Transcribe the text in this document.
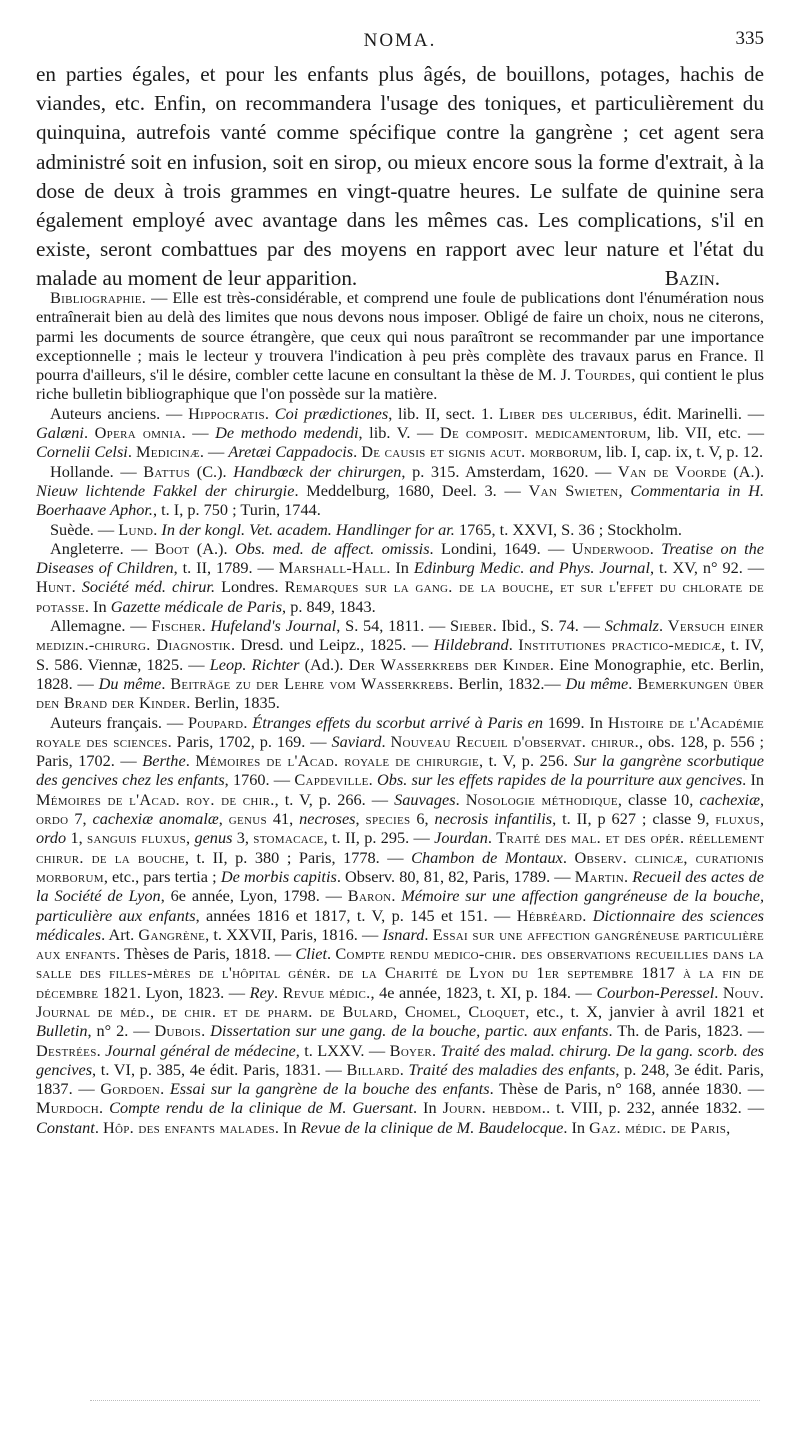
NOMA.	335

en parties égales, et pour les enfants plus âgés, de bouillons, potages, hachis de viandes, etc. Enfin, on recommandera l'usage des toniques, et particulièrement du quinquina, autrefois vanté comme spécifique contre la gangrène ; cet agent sera administré soit en infusion, soit en sirop, ou mieux encore sous la forme d'extrait, à la dose de deux à trois grammes en vingt-quatre heures. Le sulfate de quinine sera également employé avec avantage dans les mêmes cas. Les complications, s'il en existe, seront combattues par des moyens en rapport avec leur nature et l'état du malade au moment de leur apparition.	Bazin.

Bibliographie. — Elle est très-considérable, et comprend une foule de publications dont l'énumération nous entraînerait bien au delà des limites que nous devons nous imposer. Obligé de faire un choix, nous ne citerons, parmi les documents de source étrangère, que ceux qui nous paraîtront se recommander par une importance exceptionnelle ; mais le lecteur y trouvera l'indication à peu près complète des travaux parus en France. Il pourra d'ailleurs, s'il le désire, combler cette lacune en consultant la thèse de M. J. Tourdes, qui contient le plus riche bulletin bibliographique que l'on possède sur la matière.

Auteurs anciens. — Hippocratis. Coi prædictiones, lib. II, sect. 1. Liber des ulceribus, édit. Marinelli. — Galæni. Opera omnia. — De methodo medendi, lib. V. — De composit. medicamentorum, lib. VII, etc. — Cornelii Celsi. Medicinæ. — Aretæi Cappadocis. De causis et signis acut. morborum, lib. I, cap. ix, t. V, p. 12.

Hollande. — Battus (C.). Handbœck der chirurgen, p. 315. Amsterdam, 1620. — Van de Voorde (A.). Nieuw lichtende Fakkel der chirurgie. Meddelburg, 1680, Deel. 3. — Van Swieten, Commentaria in H. Boerhaave Aphor., t. I, p. 750 ; Turin, 1744.

Suède. — Lund. In der kongl. Vet. academ. Handlinger for ar. 1765, t. XXVI, S. 36 ; Stockholm.

Angleterre. — Boot (A.). Obs. med. de affect. omissis. Londini, 1649. — Underwood. Treatise on the Diseases of Children, t. II, 1789. — Marshall-Hall. In Edinburg Medic. and Phys. Journal, t. XV, n° 92. — Hunt. Société méd. chirur. Londres. Remarques sur la gang. de la bouche, et sur l'effet du chlorate de potasse. In Gazette médicale de Paris, p. 849, 1843.

Allemagne. — Fischer. Hufeland's Journal, S. 54, 1811. — Sieber. Ibid., S. 74. — Schmalz. Versuch einer medizin.-chirurg. Diagnostik. Dresd. und Leipz., 1825. — Hildebrand. Institutiones practico-medicæ, t. IV, S. 586. Viennæ, 1825. — Leop. Richter (Ad.). Der Wasserkrebs der Kinder. Eine Monographie, etc. Berlin, 1828. — Du même. Beiträge zu der Lehre vom Wasserkrebs. Berlin, 1832.— Du même. Bemerkungen über den Brand der Kinder. Berlin, 1835.

Auteurs français. — Poupard. Étranges effets du scorbut arrivé à Paris en 1699. In Histoire de l'Académie royale des sciences. Paris, 1702, p. 169. — Saviard. Nouveau Recueil d'observat. chirur., obs. 128, p. 556 ; Paris, 1702. — Berthe. Mémoires de l'Acad. royale de chirurgie, t. V, p. 256. Sur la gangrène scorbutique des gencives chez les enfants, 1760. — Capdeville. Obs. sur les effets rapides de la pourriture aux gencives. In Mémoires de l'Acad. roy. de chir., t. V, p. 266. — Sauvages. Nosologie méthodique, classe 10, cachexiæ, ordo 7, cachexiæ anomalæ, genus 41, necroses, species 6, necrosis infantilis, t. II, p 627 ; classe 9, fluxus, ordo 1, sanguis fluxus, genus 3, stomacace, t. II, p. 295. — Jourdan. Traité des mal. et des opér. réellement chirur. de la bouche, t. II, p. 380 ; Paris, 1778. — Chambon de Montaux. Observ. clinicæ, curationis morborum, etc., pars tertia ; De morbis capitis. Observ. 80, 81, 82, Paris, 1789. — Martin. Recueil des actes de la Société de Lyon, 6e année, Lyon, 1798. — Baron. Mémoire sur une affection gangréneuse de la bouche, particulière aux enfants, années 1816 et 1817, t. V, p. 145 et 151. — Hébréard. Dictionnaire des sciences médicales. Art. Gangrène, t. XXVII, Paris, 1816. — Isnard. Essai sur une affection gangréneuse particulière aux enfants. Thèses de Paris, 1818. — Cliet. Compte rendu medico-chir. des observations recueillies dans la salle des filles-mères de l'hôpital génér. de la Charité de Lyon du 1er septembre 1817 à la fin de décembre 1821. Lyon, 1823. — Rey. Revue médic., 4e année, 1823, t. XI, p. 184. — Courbon-Peressel. Nouv. Journal de méd., de chir. et de pharm. de Bulard, Chomel, Cloquet, etc., t. X, janvier à avril 1821 et Bulletin, n° 2. — Dubois. Dissertation sur une gang. de la bouche, partic. aux enfants. Th. de Paris, 1823. — Destrées. Journal général de médecine, t. LXXV. — Boyer. Traité des malad. chirurg. De la gang. scorb. des gencives, t. VI, p. 385, 4e édit. Paris, 1831. — Billard. Traité des maladies des enfants, p. 248, 3e édit. Paris, 1837. — Gordoen. Essai sur la gangrène de la bouche des enfants. Thèse de Paris, n° 168, année 1830. — Murdoch. Compte rendu de la clinique de M. Guersant. In Journ. hebdom.. t. VIII, p. 232, année 1832. — Constant. Hôp. des enfants malades. In Revue de la clinique de M. Baudelocque. In Gaz. médic. de Paris,
